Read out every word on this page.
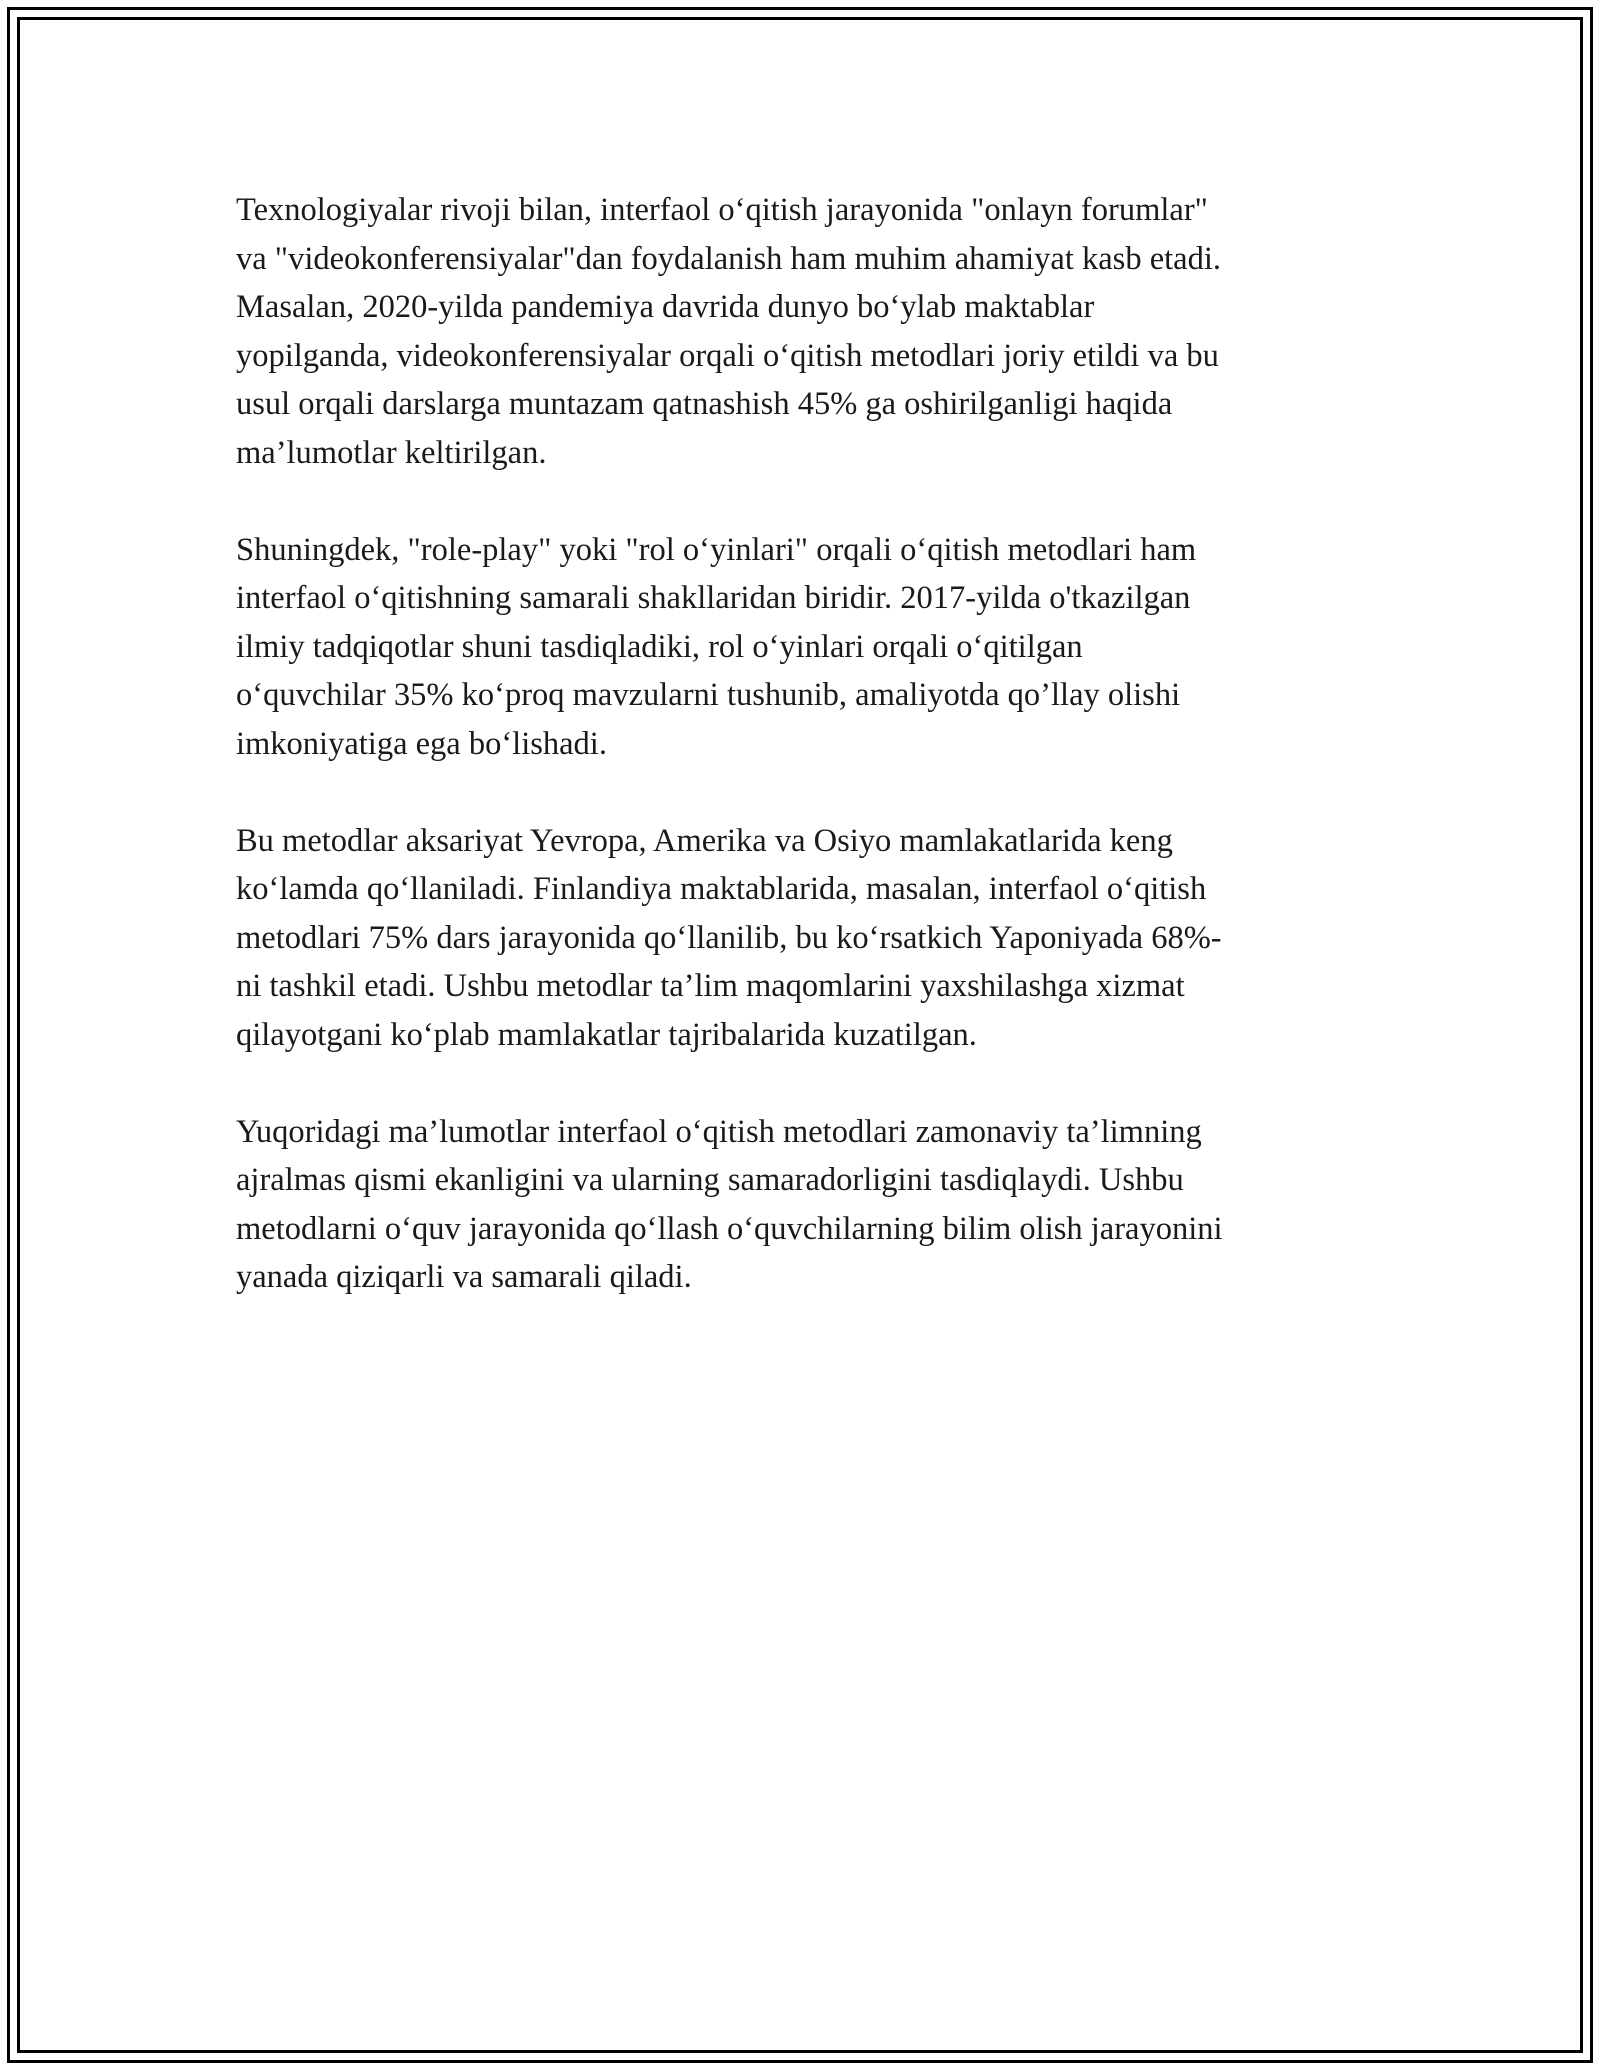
Texnologiyalar rivoji bilan, interfaol o‘qitish jarayonida "onlayn forumlar"
va "videokonferensiyalar"dan foydalanish ham muhim ahamiyat kasb etadi.
Masalan, 2020-yilda pandemiya davrida dunyo bo‘ylab maktablar
yopilganda, videokonferensiyalar orqali o‘qitish metodlari joriy etildi va bu
usul orqali darslarga muntazam qatnashish 45% ga oshirilganligi haqida
ma’lumotlar keltirilgan.

Shuningdek, "role-play" yoki "rol o‘yinlari" orqali o‘qitish metodlari ham
interfaol o‘qitishning samarali shakllaridan biridir. 2017-yilda o'tkazilgan
ilmiy tadqiqotlar shuni tasdiqladiki, rol o‘yinlari orqali o‘qitilgan
o‘quvchilar 35% ko‘proq mavzularni tushunib, amaliyotda qo’llay olishi
imkoniyatiga ega bo‘lishadi.

Bu metodlar aksariyat Yevropa, Amerika va Osiyo mamlakatlarida keng
ko‘lamda qo‘llaniladi. Finlandiya maktablarida, masalan, interfaol o‘qitish
metodlari 75% dars jarayonida qo‘llanilib, bu ko‘rsatkich Yaponiyada 68%-
ni tashkil etadi. Ushbu metodlar ta’lim maqomlarini yaxshilashga xizmat
qilayotgani ko‘plab mamlakatlar tajribalarida kuzatilgan.

Yuqoridagi ma’lumotlar interfaol o‘qitish metodlari zamonaviy ta’limning
ajralmas qismi ekanligini va ularning samaradorligini tasdiqlaydi. Ushbu
metodlarni o‘quv jarayonida qo‘llash o‘quvchilarning bilim olish jarayonini
yanada qiziqarli va samarali qiladi.
